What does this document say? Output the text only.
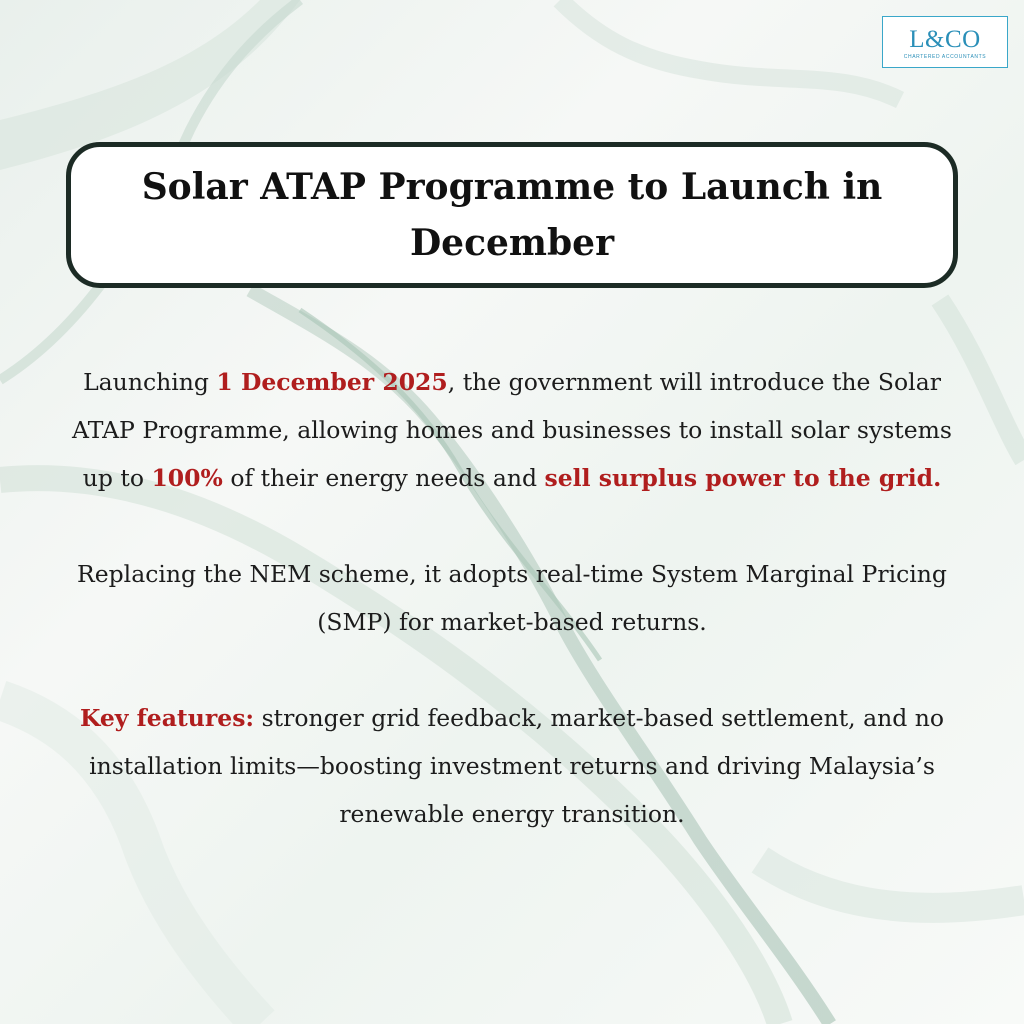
L&CO
CHARTERED ACCOUNTANTS
Solar ATAP Programme to Launch in December

Launching 1 December 2025, the government will introduce the Solar ATAP Programme, allowing homes and businesses to install solar systems up to 100% of their energy needs and sell surplus power to the grid.

Replacing the NEM scheme, it adopts real-time System Marginal Pricing (SMP) for market-based returns.

Key features: stronger grid feedback, market-based settlement, and no installation limits—boosting investment returns and driving Malaysia’s renewable energy transition.
